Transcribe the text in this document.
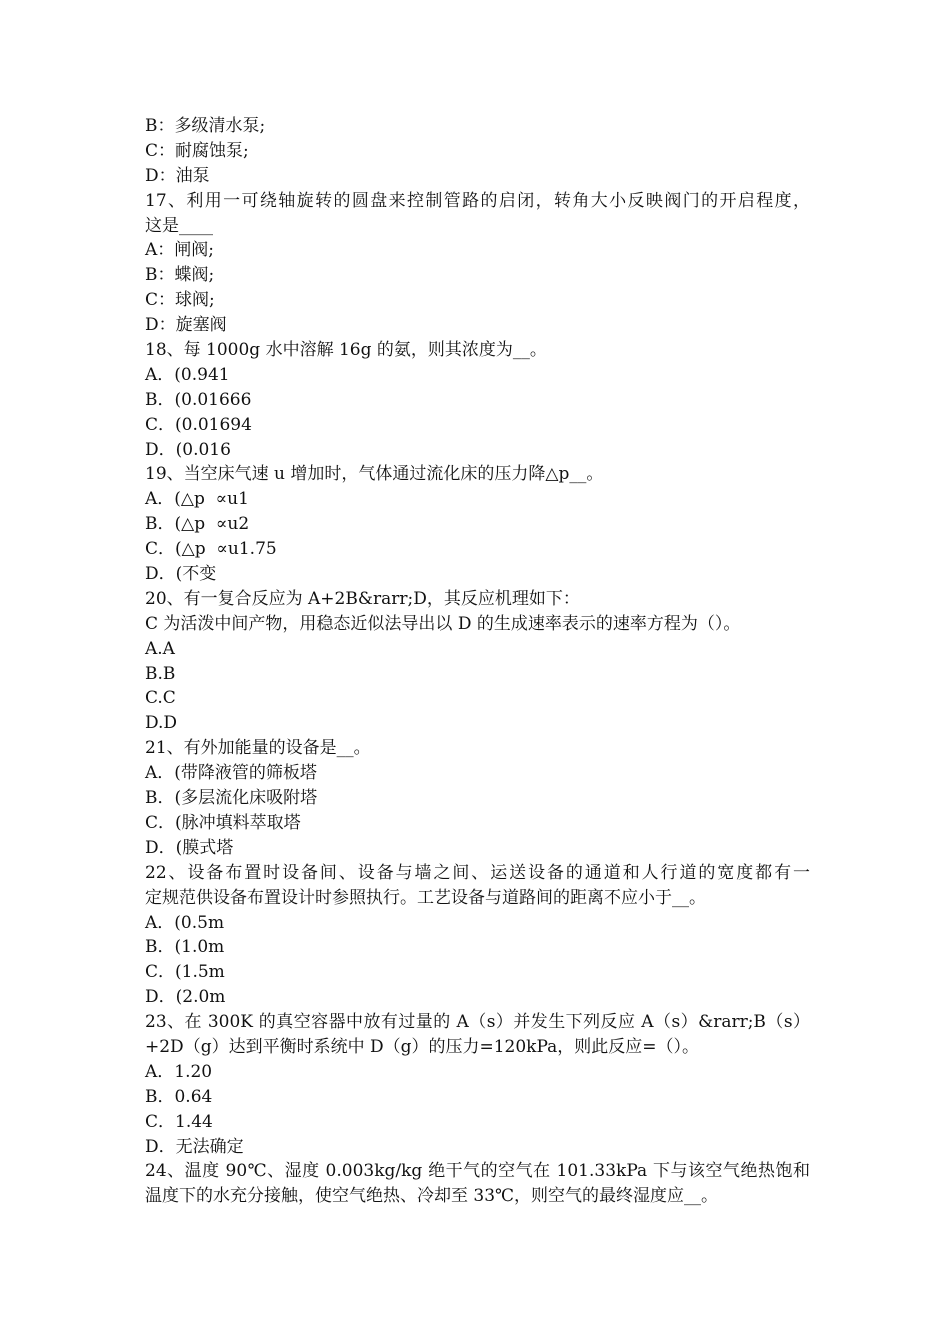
B：多级清水泵;
C：耐腐蚀泵;
D：油泵
17、利用一可绕轴旋转的圆盘来控制管路的启闭，转角大小反映阀门的开启程度，
这是____
A：闸阀;
B：蝶阀;
C：球阀;
D：旋塞阀
18、每 1000g 水中溶解 16g 的氨，则其浓度为__。
A．(0.941
B．(0.01666
C．(0.01694
D．(0.016
19、当空床气速 u 增加时，气体通过流化床的压力降△p__。
A．(△p  ∝u1
B．(△p  ∝u2
C．(△p  ∝u1.75
D．(不变
20、有一复合反应为 A+2B&rarr;D，其反应机理如下：
C 为活泼中间产物，用稳态近似法导出以 D 的生成速率表示的速率方程为（）。
A.A
B.B
C.C
D.D
21、有外加能量的设备是__。
A．(带降液管的筛板塔
B．(多层流化床吸附塔
C．(脉冲填料萃取塔
D．(膜式塔
22、设备布置时设备间、设备与墙之间、运送设备的通道和人行道的宽度都有一
定规范供设备布置设计时参照执行。工艺设备与道路间的距离不应小于__。
A．(0.5m
B．(1.0m
C．(1.5m
D．(2.0m
23、在 300K 的真空容器中放有过量的 A（s）并发生下列反应 A（s）&rarr;B（s）
+2D（g）达到平衡时系统中 D（g）的压力=120kPa，则此反应=（）。
A．1.20
B．0.64
C．1.44
D．无法确定
24、温度 90℃、湿度 0.003kg/kg 绝干气的空气在 101.33kPa 下与该空气绝热饱和
温度下的水充分接触，使空气绝热、冷却至 33℃，则空气的最终湿度应__。
